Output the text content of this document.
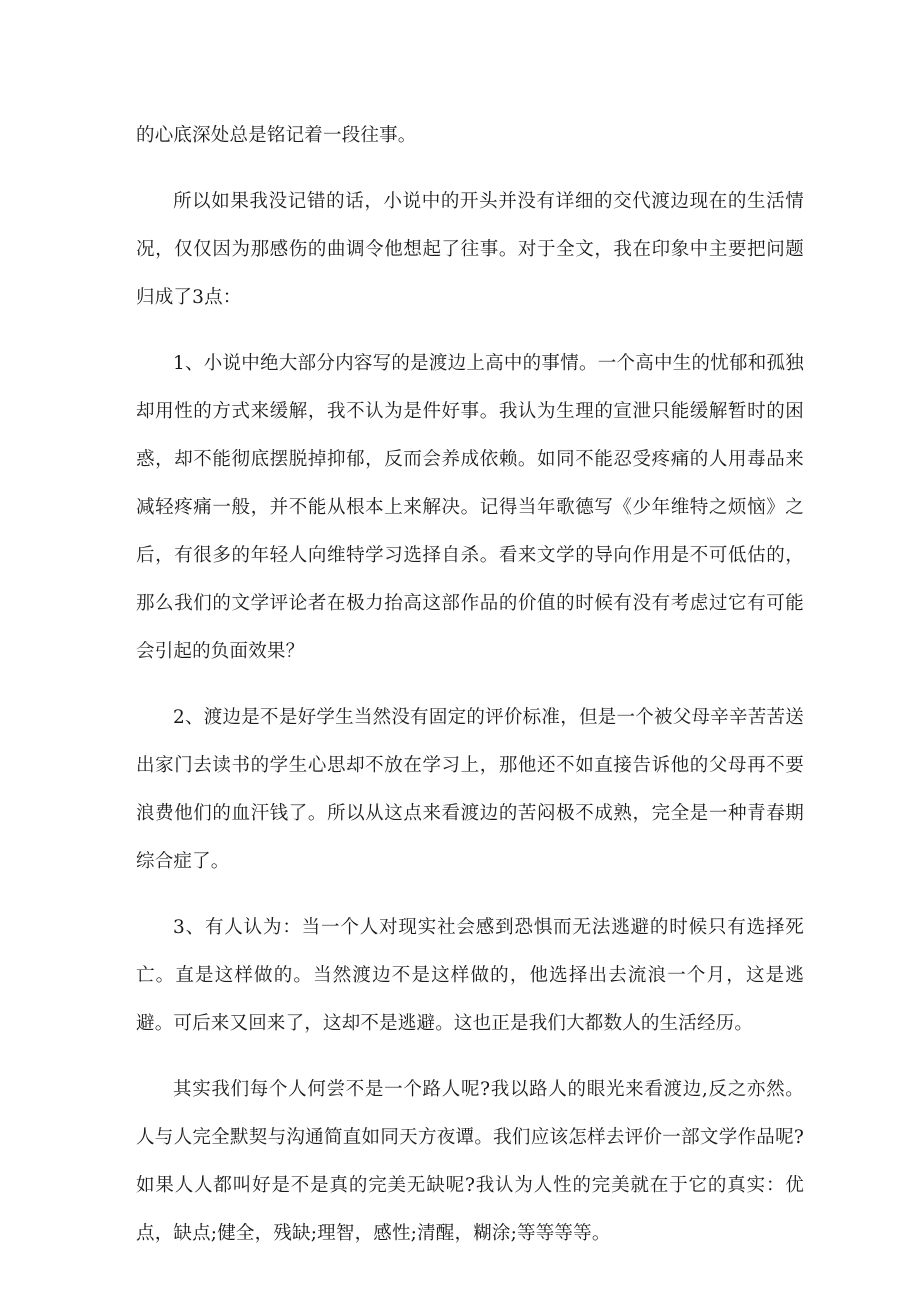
的心底深处总是铭记着一段往事。

所以如果我没记错的话，小说中的开头并没有详细的交代渡边现在的生活情况，仅仅因为那感伤的曲调令他想起了往事。对于全文，我在印象中主要把问题归成了3点：

1、小说中绝大部分内容写的是渡边上高中的事情。一个高中生的忧郁和孤独却用性的方式来缓解，我不认为是件好事。我认为生理的宣泄只能缓解暂时的困惑，却不能彻底摆脱掉抑郁，反而会养成依赖。如同不能忍受疼痛的人用毒品来减轻疼痛一般，并不能从根本上来解决。记得当年歌德写《少年维特之烦恼》之后，有很多的年轻人向维特学习选择自杀。看来文学的导向作用是不可低估的，那么我们的文学评论者在极力抬高这部作品的价值的时候有没有考虑过它有可能会引起的负面效果？

2、渡边是不是好学生当然没有固定的评价标准，但是一个被父母辛辛苦苦送出家门去读书的学生心思却不放在学习上，那他还不如直接告诉他的父母再不要浪费他们的血汗钱了。所以从这点来看渡边的苦闷极不成熟，完全是一种青春期综合症了。

3、有人认为：当一个人对现实社会感到恐惧而无法逃避的时候只有选择死亡。直是这样做的。当然渡边不是这样做的，他选择出去流浪一个月，这是逃避。可后来又回来了，这却不是逃避。这也正是我们大都数人的生活经历。

其实我们每个人何尝不是一个路人呢?我以路人的眼光来看渡边,反之亦然。人与人完全默契与沟通简直如同天方夜谭。我们应该怎样去评价一部文学作品呢?如果人人都叫好是不是真的完美无缺呢?我认为人性的完美就在于它的真实：优点，缺点;健全，残缺;理智，感性;清醒，糊涂;等等等等。
